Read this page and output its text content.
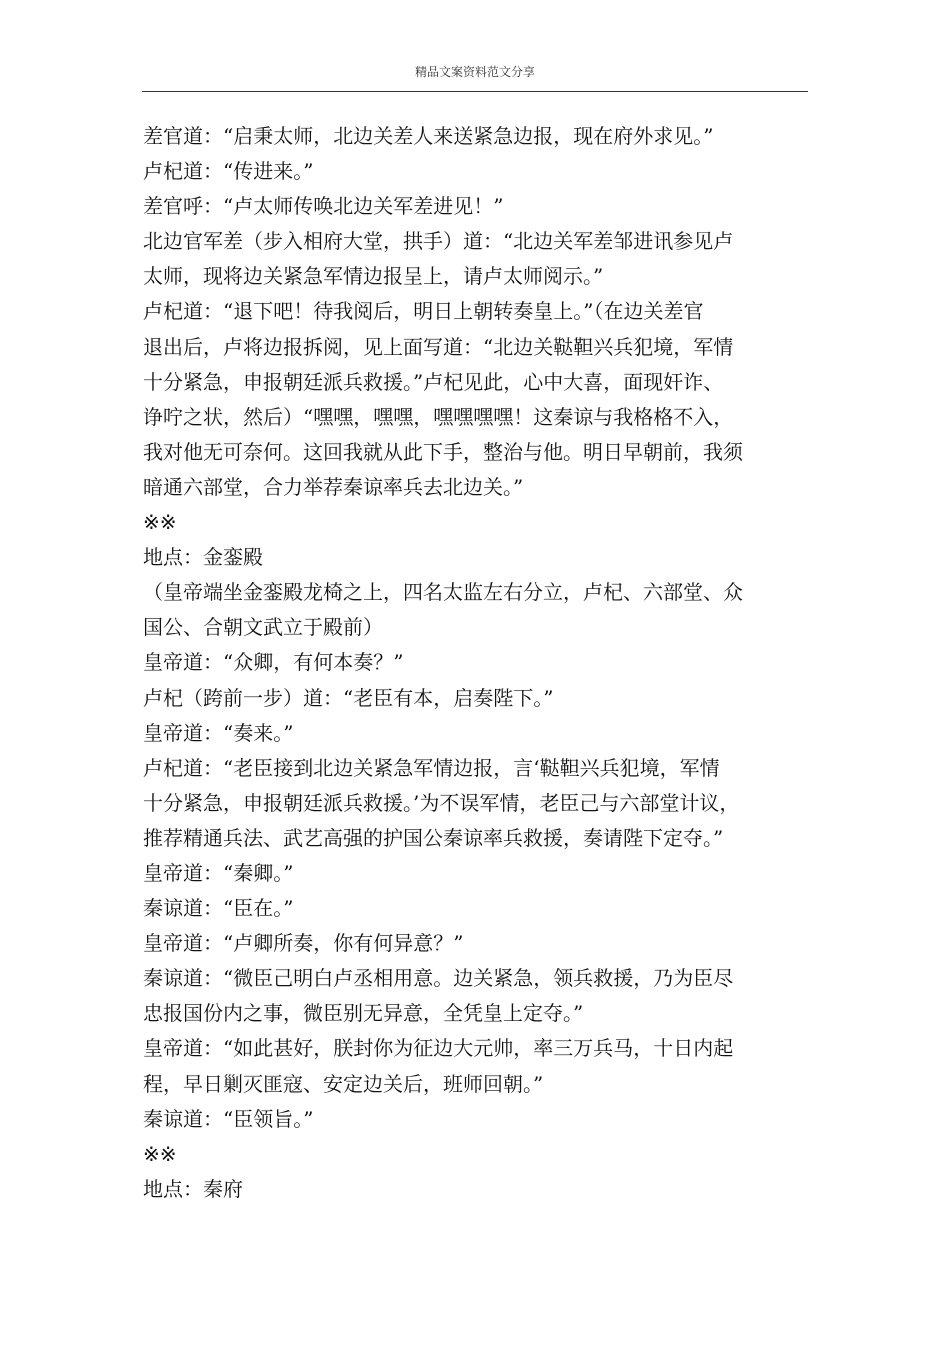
精品文案资料范文分享
差官道：“启秉太师，北边关差人来送紧急边报，现在府外求见。”
卢杞道：“传进来。”
差官呼：“卢太师传唤北边关军差进见！”
北边官军差（步入相府大堂，拱手）道：“北边关军差邹进讯参见卢
太师，现将边关紧急军情边报呈上，请卢太师阅示。”
卢杞道：“退下吧！待我阅后，明日上朝转奏皇上。”（在边关差官
退出后，卢将边报拆阅，见上面写道：“北边关鞑靼兴兵犯境，军情
十分紧急，申报朝廷派兵救援。”卢杞见此，心中大喜，面现奸诈、
诤咛之状，然后）“嘿嘿，嘿嘿，嘿嘿嘿嘿！这秦谅与我格格不入，
我对他无可奈何。这回我就从此下手，整治与他。明日早朝前，我须
暗通六部堂，合力举荐秦谅率兵去北边关。”
※※
地点：金銮殿
（皇帝端坐金銮殿龙椅之上，四名太监左右分立，卢杞、六部堂、众
国公、合朝文武立于殿前）
皇帝道：“众卿，有何本奏？”
卢杞（跨前一步）道：“老臣有本，启奏陛下。”
皇帝道：“奏来。”
卢杞道：“老臣接到北边关紧急军情边报，言‘鞑靼兴兵犯境，军情
十分紧急，申报朝廷派兵救援。’为不误军情，老臣己与六部堂计议，
推荐精通兵法、武艺高强的护国公秦谅率兵救援，奏请陛下定夺。”
皇帝道：“秦卿。”
秦谅道：“臣在。”
皇帝道：“卢卿所奏，你有何异意？”
秦谅道：“微臣己明白卢丞相用意。边关紧急，领兵救援，乃为臣尽
忠报国份内之事，微臣别无异意，全凭皇上定夺。”
皇帝道：“如此甚好，朕封你为征边大元帅，率三万兵马，十日内起
程，早日剿灭匪寇、安定边关后，班师回朝。”
秦谅道：“臣领旨。”
※※
地点：秦府
